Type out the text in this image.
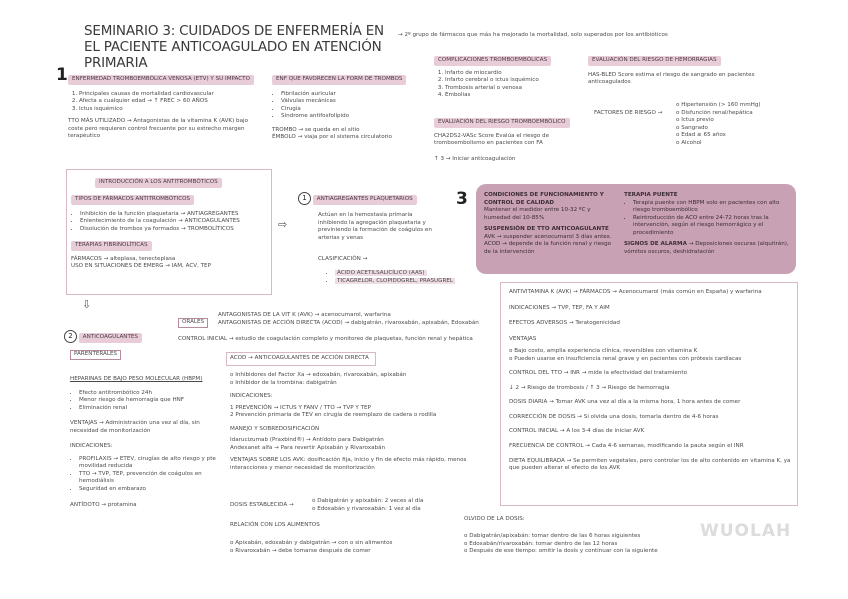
SEMINARIO 3: CUIDADOS DE ENFERMERÍA EN EL PACIENTE ANTICOAGULADO EN ATENCIÓN PRIMARIA
→ 2º grupo de fármacos que más ha mejorado la mortalidad, solo superados por los antibióticos
1 ENFERMEDAD TROMBOEMBÓLICA VENOSA (ETV) Y SU IMPACTO
1. Principales causas de mortalidad cardiovascular
2. Afecta a cualquier edad → ↑ FREC > 60 AÑOS
3. Ictus isquémico
TTO MÁS UTILIZADO → Antagonistas de la vitamina K (AVK) bajo coste pero requieren control frecuente por su estrecho margen terapéutico
ENF QUE FAVORECEN LA FORM DE TROMBOS
• Fibrilación auricular
• Válvulas mecánicas
• Cirugía
• Síndrome antifosfolípido
TROMBO → se queda en el sitio
ÉMBOLO → viaja por el sistema circulatorio
COMPLICACIONES TROMBOEMBÓLICAS
1. Infarto de miocardio
2. Infarto cerebral o ictus isquémico
3. Trombosis arterial o venosa
4. Embolias
EVALUACIÓN DEL RIESGO TROMBOEMBÓLICO
CHA2DS2-VASc Score Evalúa el riesgo de tromboembolismo en pacientes con FA
↑ 3 → Iniciar anticoagulación
EVALUACIÓN DEL RIESGO DE HEMORRAGIAS
HAS-BLED Score estima el riesgo de sangrado en pacientes anticoagulados
FACTORES DE RIESGO →
o Hipertensión (> 160 mmHg)
o Disfunción renal/hepática
o Ictus previo
o Sangrado
o Edad ≥ 65 años
o Alcohol
INTRODUCCIÓN A LOS ANTITROMBÓTICOS
TIPOS DE FÁRMACOS ANTITROMBÓTICOS
• Inhibición de la función plaquetaria → ANTIAGREGANTES
• Enlentecimiento de la coagulación → ANTICOAGULANTES
• Disolución de trombos ya formados → TROMBOLÍTICOS
TERAPIAS FIBRINOLÍTICAS
FÁRMACOS → alteplasa, tenecteplasa
USO EN SITUACIONES DE EMERG → IAM, ACV, TEP
⇨
1 ANTIAGREGANTES PLAQUETARIOS
Actúan en la hemostasia primaria inhibiendo la agregación plaquetaria y previniendo la formación de coágulos en arterias y venas
CLASIFICACIÓN →
• ÁCIDO ACETILSALICÍLICO (AAS)
• TICAGRELOR, CLOPIDOGREL, PRASUGREL
3	CONDICIONES DE FUNCIONAMIENTO Y CONTROL DE CALIDAD
Mantener el medidor entre 10-32 ºC y humedad del 10-85%
SUSPENSIÓN DE TTO ANTICOAGULANTE
AVK → suspender acenocumarol 3 días antes. ACOD → depende de la función renal y riesgo de la intervención
TERAPIA PUENTE
• Terapia puente con HBPM solo en pacientes con alto riesgo tromboembólico
• Reintroducción de ACO entre 24-72 horas tras la intervención, según el riesgo hemorrágico y el procedimiento
SIGNOS DE ALARMA → Deposiciones oscuras (alquitrán), vómitos oscuros, deshidratación
⇩
2 ANTICOAGULANTES
ORALES
ANTAGONISTAS DE LA VIT K (AVK) → acenocumarol, warfarina
ANTAGONISTAS DE ACCIÓN DIRECTA (ACOD) → dabigatrán, rivaroxabán, apixabán, Edoxabán
CONTROL INICIAL → estudio de coagulación completo y monitoreo de plaquetas, función renal y hepática
PARENTERALES
HEPARINAS DE BAJO PESO MOLECULAR (HBPM)
• Efecto antitrombótico 24h
• Menor riesgo de hemorragia que HNF
• Eliminación renal
VENTAJAS → Administración una vez al día, sin necesidad de monitorización
INDICACIONES:
• PROFILAXIS → ETEV, cirugías de alto riesgo y pte movilidad reducida
• TTO → TVP, TEP, prevención de coágulos en hemodiálisis
• Seguridad en embarazo
ANTÍDOTO → protamina
ACOD → ANTICOAGULANTES DE ACCIÓN DIRECTA
o Inhibidores del Factor Xa → edoxabán, rivaroxabán, apixabán
o Inhibidor de la trombina: dabigatrán
INDICACIONES:
1 PREVENCIÓN → ICTUS Y FANV / TTO → TVP Y TEP
2 Prevención primaria de TEV en cirugía de reemplazo de cadera o rodilla
MANEJO Y SOBREDOSIFICACIÓN
Idarucizumab (Praxbind®) → Antídoto para Dabigatrán
Andexanet alfa → Para revertir Apixabán y Rivaroxabán
VENTAJAS SOBRE LOS AVK: dosificación fija, inicio y fin de efecto más rápido, menos interacciones y menor necesidad de monitorización
DOSIS ESTABLECIDA →
o Dabigatrán y apixabán: 2 veces al día
o Edoxabán y rivaroxabán: 1 vez al día
RELACIÓN CON LOS ALIMENTOS
o Apixabán, edoxabán y dabigatrán → con o sin alimentos
o Rivaroxabán → debe tomarse después de comer
OLVIDO DE LA DOSIS:
o Dabigatrán/apixabán: tomar dentro de las 6 horas siguientes
o Edoxabán/rivaroxabán: tomar dentro de las 12 horas
o Después de ese tiempo: omitir la dosis y continuar con la siguiente
ANTIVITAMINA K (AVK) → FÁRMACOS → Acenocumarol (más común en España) y warfarina
INDICACIONES → TVP, TEP, FA Y AIM
EFECTOS ADVERSOS → Teratogenicidad
VENTAJAS
o Bajo costo, amplia experiencia clínica, reversibles con vitamina K
o Pueden usarse en insuficiencia renal grave y en pacientes con prótesis cardíacas
CONTROL DEL TTO → INR → mide la efectividad del tratamiento
↓ 2 → Riesgo de trombosis / ↑ 3 → Riesgo de hemorragia
DOSIS DIARIA → Tomar AVK una vez al día a la misma hora, 1 hora antes de comer
CORRECCIÓN DE DOSIS → Si olvida una dosis, tomarla dentro de 4-6 horas
CONTROL INICIAL → A los 3-4 días de iniciar AVK
FRECUENCIA DE CONTROL → Cada 4-6 semanas, modificando la pauta según el INR
DIETA EQUILIBRADA → Se permiten vegetales, pero controlar los de alto contenido en vitamina K, ya que pueden alterar el efecto de los AVK
WUOLAH
